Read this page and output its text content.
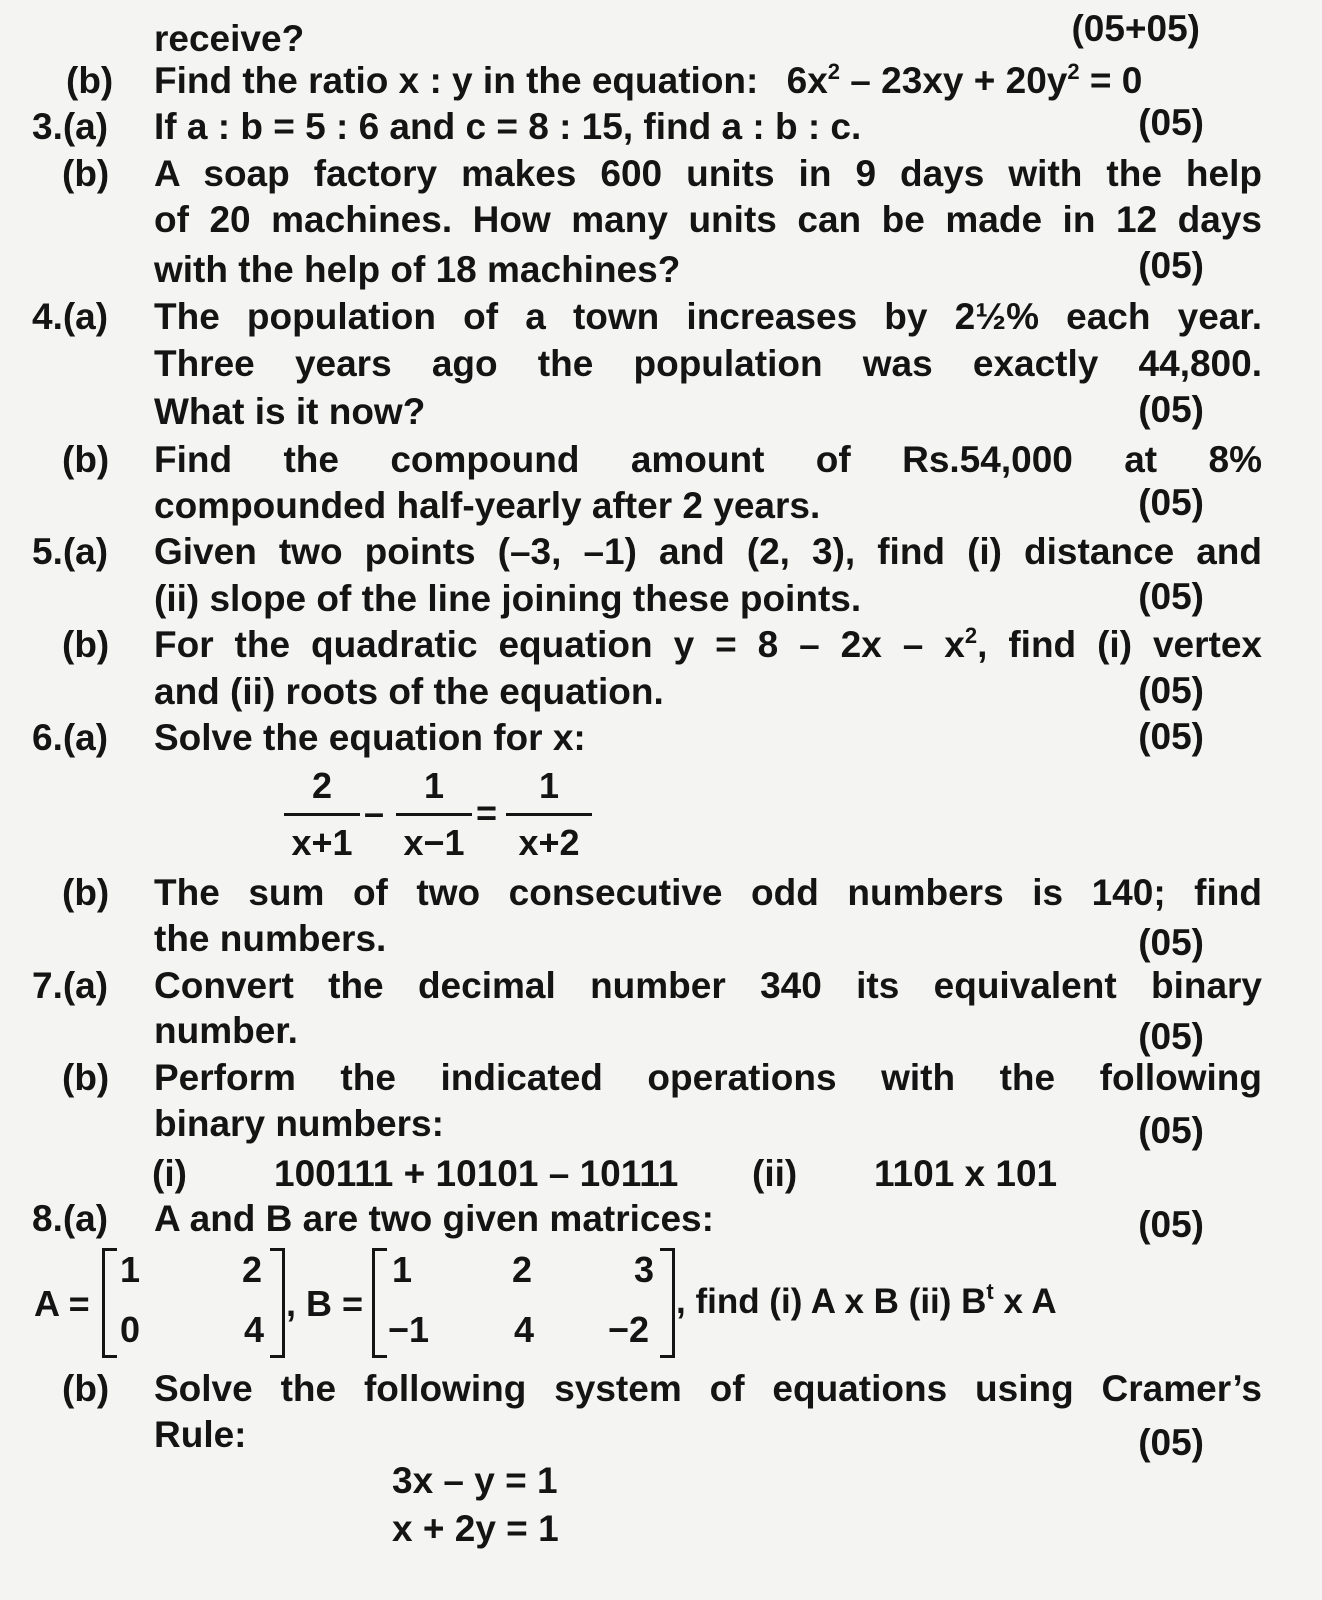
receive?	(05+05)
(b) Find the ratio x : y in the equation: $6x^2 - 23xy + 20y^2 = 0$
3.(a) If a : b = 5 : 6 and c = 8 : 15, find a : b : c.	(05)
(b) A soap factory makes 600 units in 9 days with the help
of 20 machines. How many units can be made in 12 days
with the help of 18 machines?	(05)
4.(a) The population of a town increases by 2½% each year.
Three years ago the population was exactly 44,800.
What is it now?	(05)
(b) Find the compound amount of Rs.54,000 at 8%
compounded half-yearly after 2 years.	(05)
5.(a) Given two points (–3, –1) and (2, 3), find (i) distance and
(ii) slope of the line joining these points.	(05)
(b) For the quadratic equation $y = 8 - 2x - x^2$, find (i) vertex
and (ii) roots of the equation.	(05)
6.(a) Solve the equation for x:	(05)
2
x+1
–
1
x−1
=
1
x+2
(b) The sum of two consecutive odd numbers is 140; find
the numbers.	(05)
7.(a) Convert the decimal number 340 its equivalent binary
number.	(05)
(b) Perform the indicated operations with the following
binary numbers:	(05)
(i) 100111 + 10101 – 10111 (ii) 1101 x 101
8.(a) A and B are two given matrices:	(05)
A =
1	2
0	4
, B =
1	2	3
−1 4 −2
, find (i) A x B (ii) $B^t$ x A
(b) Solve the following system of equations using Cramer’s
Rule:	(05)
3x – y = 1
x + 2y = 1
